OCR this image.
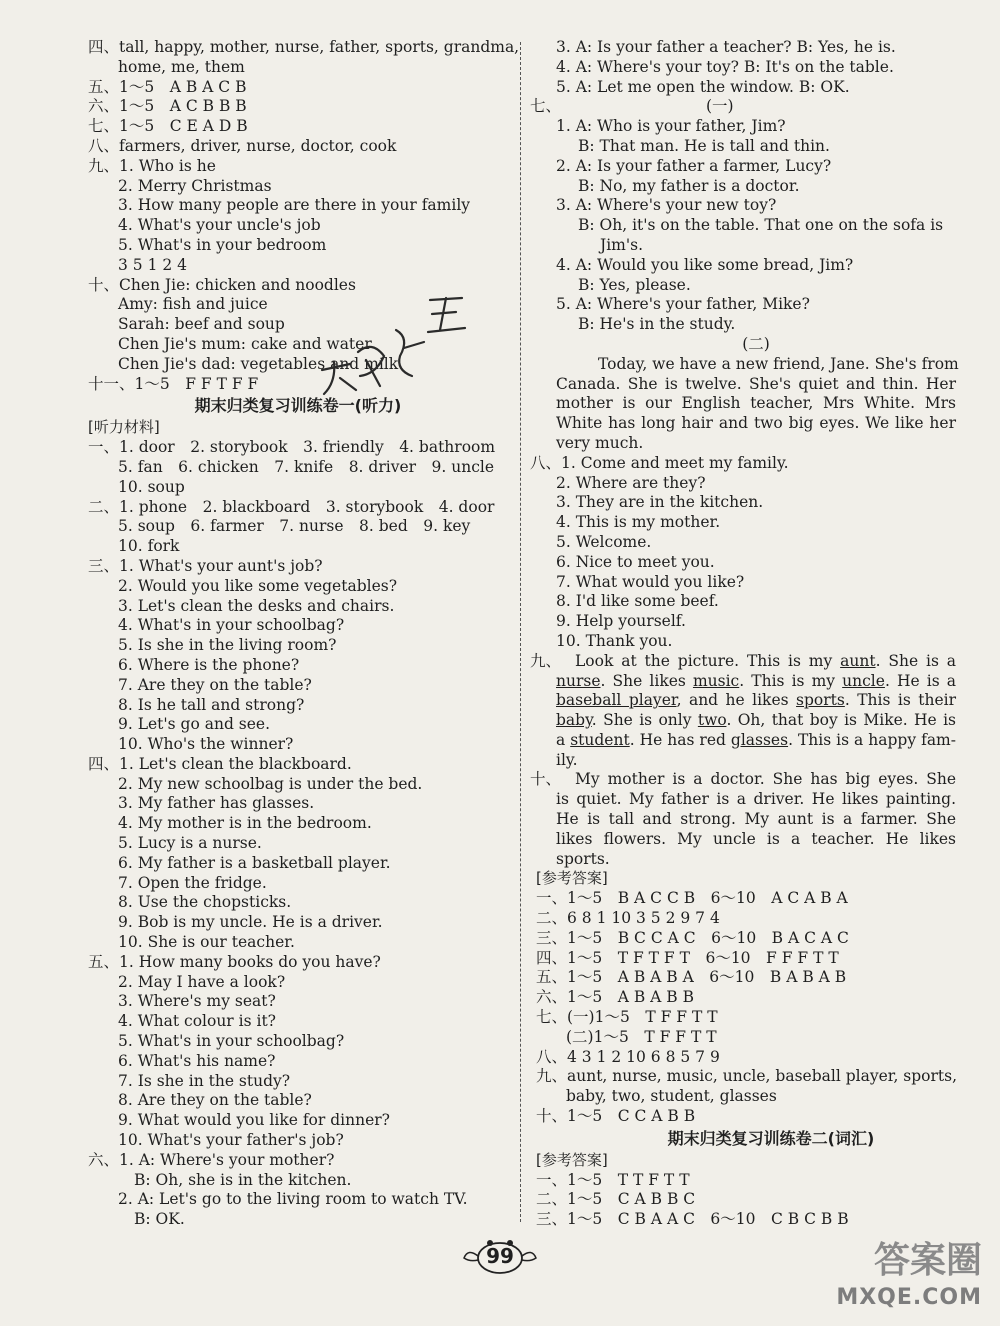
四、tall, happy, mother, nurse, father, sports, grandma,
home, me, them
五、1～5　A B A C B
六、1～5　A C B B B
七、1～5　C E A D B
八、farmers, driver, nurse, doctor, cook
九、1. Who is he
2. Merry Christmas
3. How many people are there in your family
4. What's your uncle's job
5. What's in your bedroom
3 5 1 2 4
十、Chen Jie: chicken and noodles
Amy: fish and juice
Sarah: beef and soup
Chen Jie's mum: cake and water
Chen Jie's dad: vegetables and milk
十一、1～5　F F T F F
期末归类复习训练卷一(听力)
[听力材料]
一、1. door　2. storybook　3. friendly　4. bathroom
5. fan　6. chicken　7. knife　8. driver　9. uncle
10. soup
二、1. phone　2. blackboard　3. storybook　4. door
5. soup　6. farmer　7. nurse　8. bed　9. key
10. fork
三、1. What's your aunt's job?
2. Would you like some vegetables?
3. Let's clean the desks and chairs.
4. What's in your schoolbag?
5. Is she in the living room?
6. Where is the phone?
7. Are they on the table?
8. Is he tall and strong?
9. Let's go and see.
10. Who's the winner?
四、1. Let's clean the blackboard.
2. My new schoolbag is under the bed.
3. My father has glasses.
4. My mother is in the bedroom.
5. Lucy is a nurse.
6. My father is a basketball player.
7. Open the fridge.
8. Use the chopsticks.
9. Bob is my uncle. He is a driver.
10. She is our teacher.
五、1. How many books do you have?
2. May I have a look?
3. Where's my seat?
4. What colour is it?
5. What's in your schoolbag?
6. What's his name?
7. Is she in the study?
8. Are they on the table?
9. What would you like for dinner?
10. What's your father's job?
六、1. A: Where's your mother?
B: Oh, she is in the kitchen.
2. A: Let's go to the living room to watch TV.
B: OK.
五
3. A: Is your father a teacher? B: Yes, he is.
4. A: Where's your toy? B: It's on the table.
5. A: Let me open the window. B: OK.
七、	(一)
1. A: Who is your father, Jim?
B: That man. He is tall and thin.
2. A: Is your father a farmer, Lucy?
B: No, my father is a doctor.
3. A: Where's your new toy?
B: Oh, it's on the table. That one on the sofa is
Jim's.
4. A: Would you like some bread, Jim?
B: Yes, please.
5. A: Where's your father, Mike?
B: He's in the study.
(二)
Today, we have a new friend, Jane. She's from
Canada. She is twelve. She's quiet and thin. Her
mother is our English teacher, Mrs White. Mrs
White has long hair and two big eyes. We like her
very much.
八、1. Come and meet my family.
2. Where are they?
3. They are in the kitchen.
4. This is my mother.
5. Welcome.
6. Nice to meet you.
7. What would you like?
8. I'd like some beef.
9. Help yourself.
10. Thank you.
九、 Look at the picture. This is my aunt. She is a
nurse. She likes music. This is my uncle. He is a
baseball player, and he likes sports. This is their
baby. She is only two. Oh, that boy is Mike. He is
a student. He has red glasses. This is a happy fam-
ily.
十、 My mother is a doctor. She has big eyes. She
is quiet. My father is a driver. He likes painting.
He is tall and strong. My aunt is a farmer. She
likes flowers. My uncle is a teacher. He likes
sports.
[参考答案]
一、1～5　B A C C B　6～10　A C A B A
二、6 8 1 10 3 5 2 9 7 4
三、1～5　B C C A C　6～10　B A C A C
四、1～5　T F T F T　6～10　F F F T T
五、1～5　A B A B A　6～10　B A B A B
六、1～5　A B A B B
七、(一)1～5　T F F T T
(二)1～5　T F F T T
八、4 3 1 2 10 6 8 5 7 9
九、aunt, nurse, music, uncle, baseball player, sports,
baby, two, student, glasses
十、1～5　C C A B B
期末归类复习训练卷二(词汇)
[参考答案]
一、1～5　T T F T T
二、1～5　C A B B C
三、1～5　C B A A C　6～10　C B C B B
99	答案圈
MXQE.COM
